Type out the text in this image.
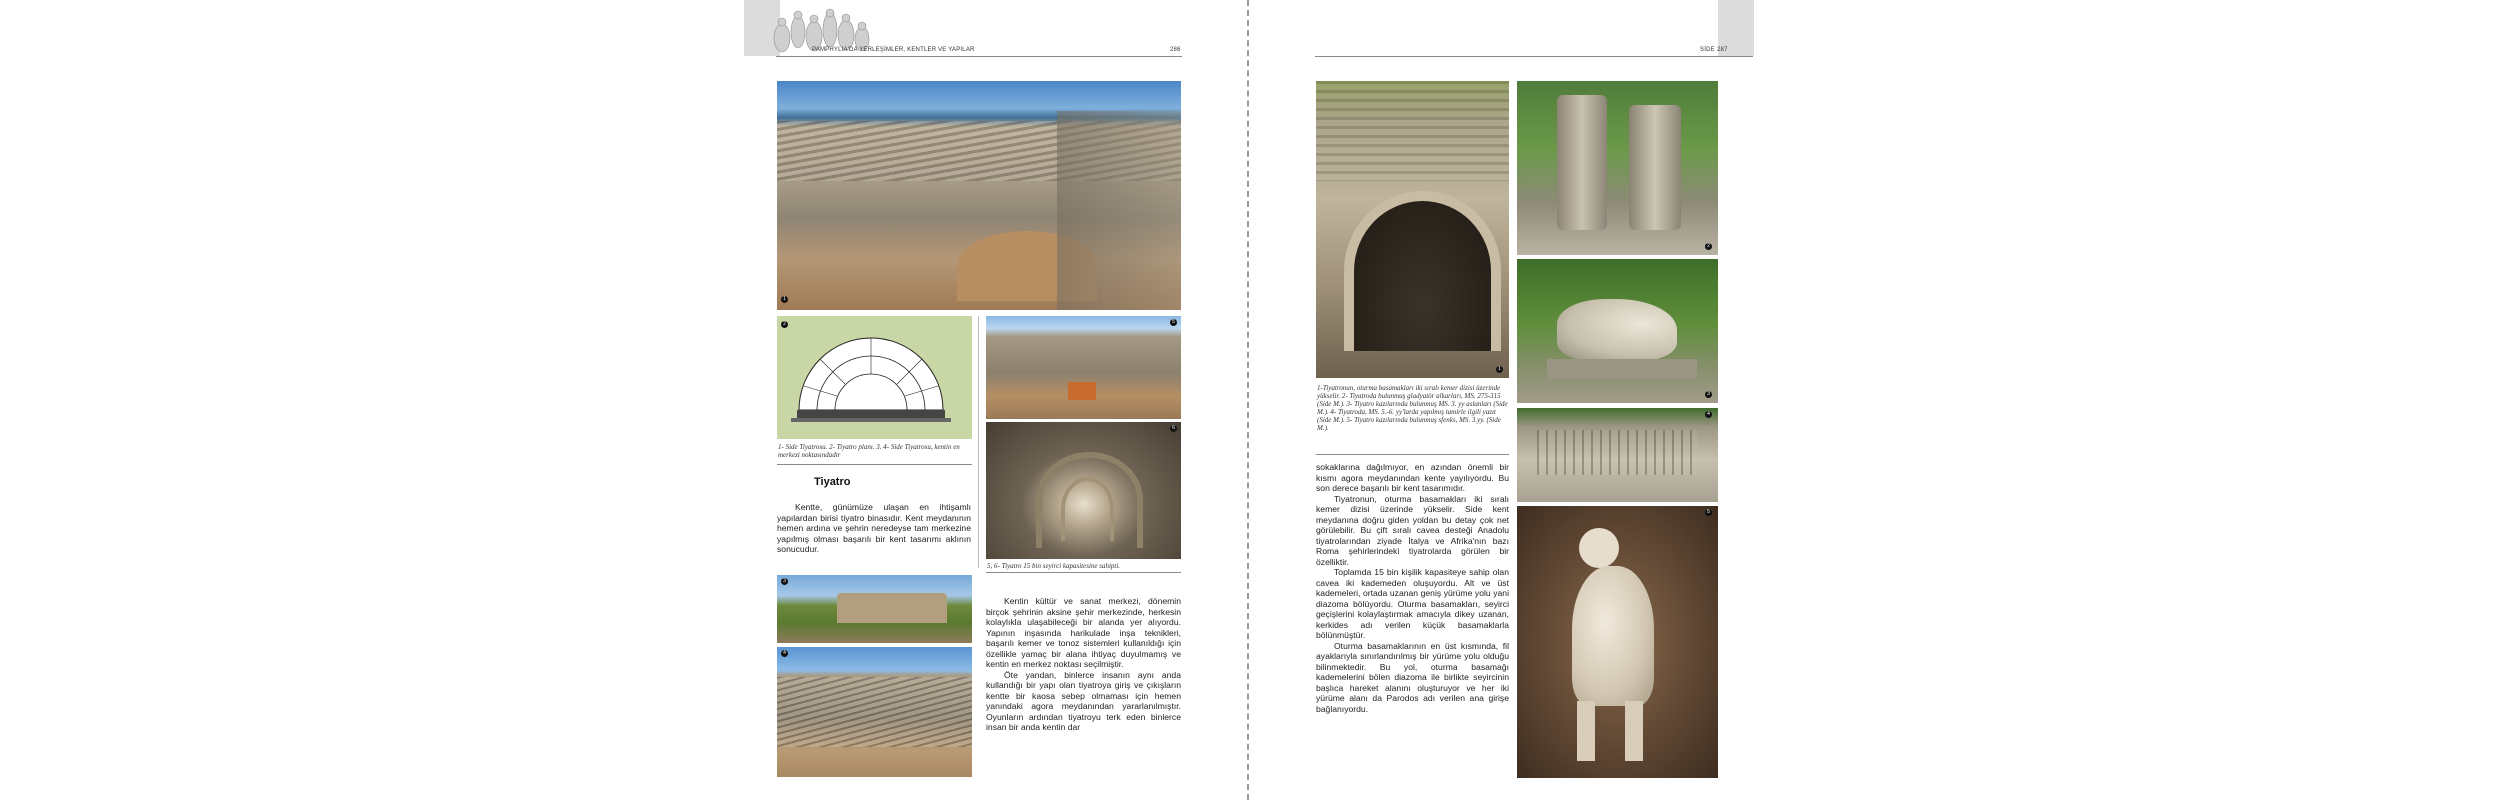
PAMPHYLIA'DA YERLEŞİMLER, KENTLER VE YAPILAR	286
1
2
1- Side Tiyatrosu. 2- Tiyatro planı. 3. 4- Side Tiyatrosu, kentin en merkezi noktasındadır
Tiyatro

Kentte, günümüze ulaşan en ihtişamlı yapılardan birisi tiyatro binasıdır. Kent meydanının hemen ardına ve şehrin neredeyse tam merkezine yapılmış olması başarılı bir kent tasarımı aklının sonucudur.

3
4
5
6
5, 6- Tiyatro 15 bin seyirci kapasitesine sahipti.

Kentin kültür ve sanat merkezi, dönemin birçok şehrinin aksine şehir merkezinde, herkesin kolaylıkla ulaşabileceği bir alanda yer alıyordu. Yapının inşasında harikulade inşa teknikleri, başarılı kemer ve tonoz sistemleri kullanıldığı için özellikle yamaç bir alana ihtiyaç duyulmamış ve kentin en merkez noktası seçilmiştir.

Öte yandan, binlerce insanın aynı anda kullandığı bir yapı olan tiyatroya giriş ve çıkışların kentte bir kaosa sebep olmaması için hemen yanındaki agora meydanından yararlanılmıştır. Oyunların ardından tiyatroyu terk eden binlerce insan bir anda kentin dar

SİDE 287
1
1-Tiyatronun, oturma basamakları iki sıralı kemer dizisi üzerinde yükselir. 2- Tiyatroda bulunmuş gladyatör alkarları, MS. 275-315 (Side M.). 3- Tiyatro kazılarında bulunmuş MS. 3. yy aslanları (Side M.). 4- Tiyatroda, MS. 5.-6. yy'larda yapılmış tamirle ilgili yazıt (Side M.). 5- Tiyatro kazılarında bulunmuş sfenks, MS. 3.yy. (Side M.).

sokaklarına dağılmıyor, en azından önemli bir kısmı agora meydanından kente yayılıyordu. Bu son derece başarılı bir kent tasarımıdır.

Tiyatronun, oturma basamakları iki sıralı kemer dizisi üzerinde yükselir. Side kent meydanına doğru giden yoldan bu detay çok net görülebilir. Bu çift sıralı cavea desteği Anadolu tiyatrolarından ziyade İtalya ve Afrika'nın bazı Roma şehirlerindeki tiyatrolarda görülen bir özelliktir.

Toplamda 15 bin kişilik kapasiteye sahip olan cavea iki kademeden oluşuyordu. Alt ve üst kademeleri, ortada uzanan geniş yürüme yolu yani diazoma bölüyordu. Oturma basamakları, seyirci geçişlerini kolaylaştırmak amacıyla dikey uzanan, kerkides adı verilen küçük basamaklarla bölünmüştür.

Oturma basamaklarının en üst kısmında, fil ayaklarıyla sınırlandırılmış bir yürüme yolu olduğu bilinmektedir. Bu yol, oturma basamağı kademelerini bölen diazoma ile birlikte seyircinin başlıca hareket alanını oluşturuyor ve her iki yürüme alanı da Parodos adı verilen ana girişe bağlanıyordu.

2
3
4
5
